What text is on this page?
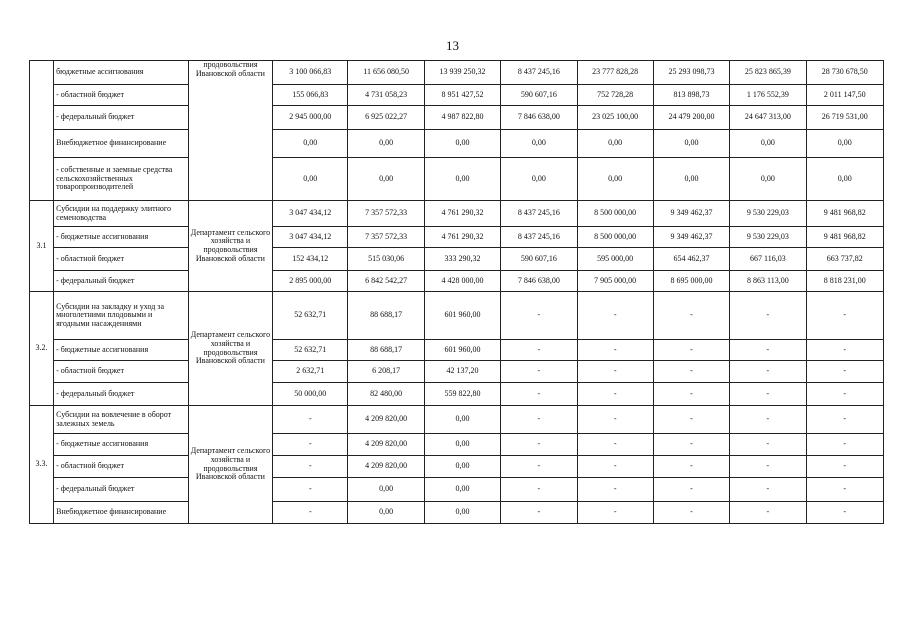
13
	бюджетные ассигнования	продовольствия Ивановской области	3 100 066,83	11 656 080,50	13 939 250,32	8 437 245,16	23 777 828,28	25 293 098,73	25 823 865,39	28 730 678,50
	- областной бюджет		155 066,83	4 731 058,23	8 951 427,52	590 607,16	752 728,28	813 898,73	1 176 552,39	2 011 147,50
	- федеральный бюджет		2 945 000,00	6 925 022,27	4 987 822,80	7 846 638,00	23 025 100,00	24 479 200,00	24 647 313,00	26 719 531,00
	Внебюджетное финансирование		0,00	0,00	0,00	0,00	0,00	0,00	0,00	0,00
	- собственные и заемные средства сельскохозяйственных товаропроизводителей		0,00	0,00	0,00	0,00	0,00	0,00	0,00	0,00
3.1	Субсидии на поддержку элитного семеноводства	Департамент сельского хозяйства и продовольствия Ивановской области	3 047 434,12	7 357 572,33	4 761 290,32	8 437 245,16	8 500 000,00	9 349 462,37	9 530 229,03	9 481 968,82
	- бюджетные ассигнования		3 047 434,12	7 357 572,33	4 761 290,32	8 437 245,16	8 500 000,00	9 349 462,37	9 530 229,03	9 481 968,82
	- областной бюджет		152 434,12	515 030,06	333 290,32	590 607,16	595 000,00	654 462,37	667 116,03	663 737,82
	- федеральный бюджет		2 895 000,00	6 842 542,27	4 428 000,00	7 846 638,00	7 905 000,00	8 695 000,00	8 863 113,00	8 818 231,00
3.2.	Субсидии на закладку и уход за многолетними плодовыми и ягодными насаждениями	Департамент сельского хозяйства и продовольствия Ивановской области	52 632,71	88 688,17	601 960,00	-	-	-	-	-
	- бюджетные ассигнования		52 632,71	88 688,17	601 960,00	-	-	-	-	-
	- областной бюджет		2 632,71	6 208,17	42 137,20	-	-	-	-	-
	- федеральный бюджет		50 000,00	82 480,00	559 822,80	-	-	-	-	-
3.3.	Субсидии на вовлечение в оборот залежных земель	Департамент сельского хозяйства и продовольствия Ивановской области	-	4 209 820,00	0,00	-	-	-	-	-
	- бюджетные ассигнования		-	4 209 820,00	0,00	-	-	-	-	-
	- областной бюджет		-	4 209 820,00	0,00	-	-	-	-	-
	- федеральный бюджет		-	0,00	0,00	-	-	-	-	-
	Внебюджетное финансирование		-	0,00	0,00	-	-	-	-	-
